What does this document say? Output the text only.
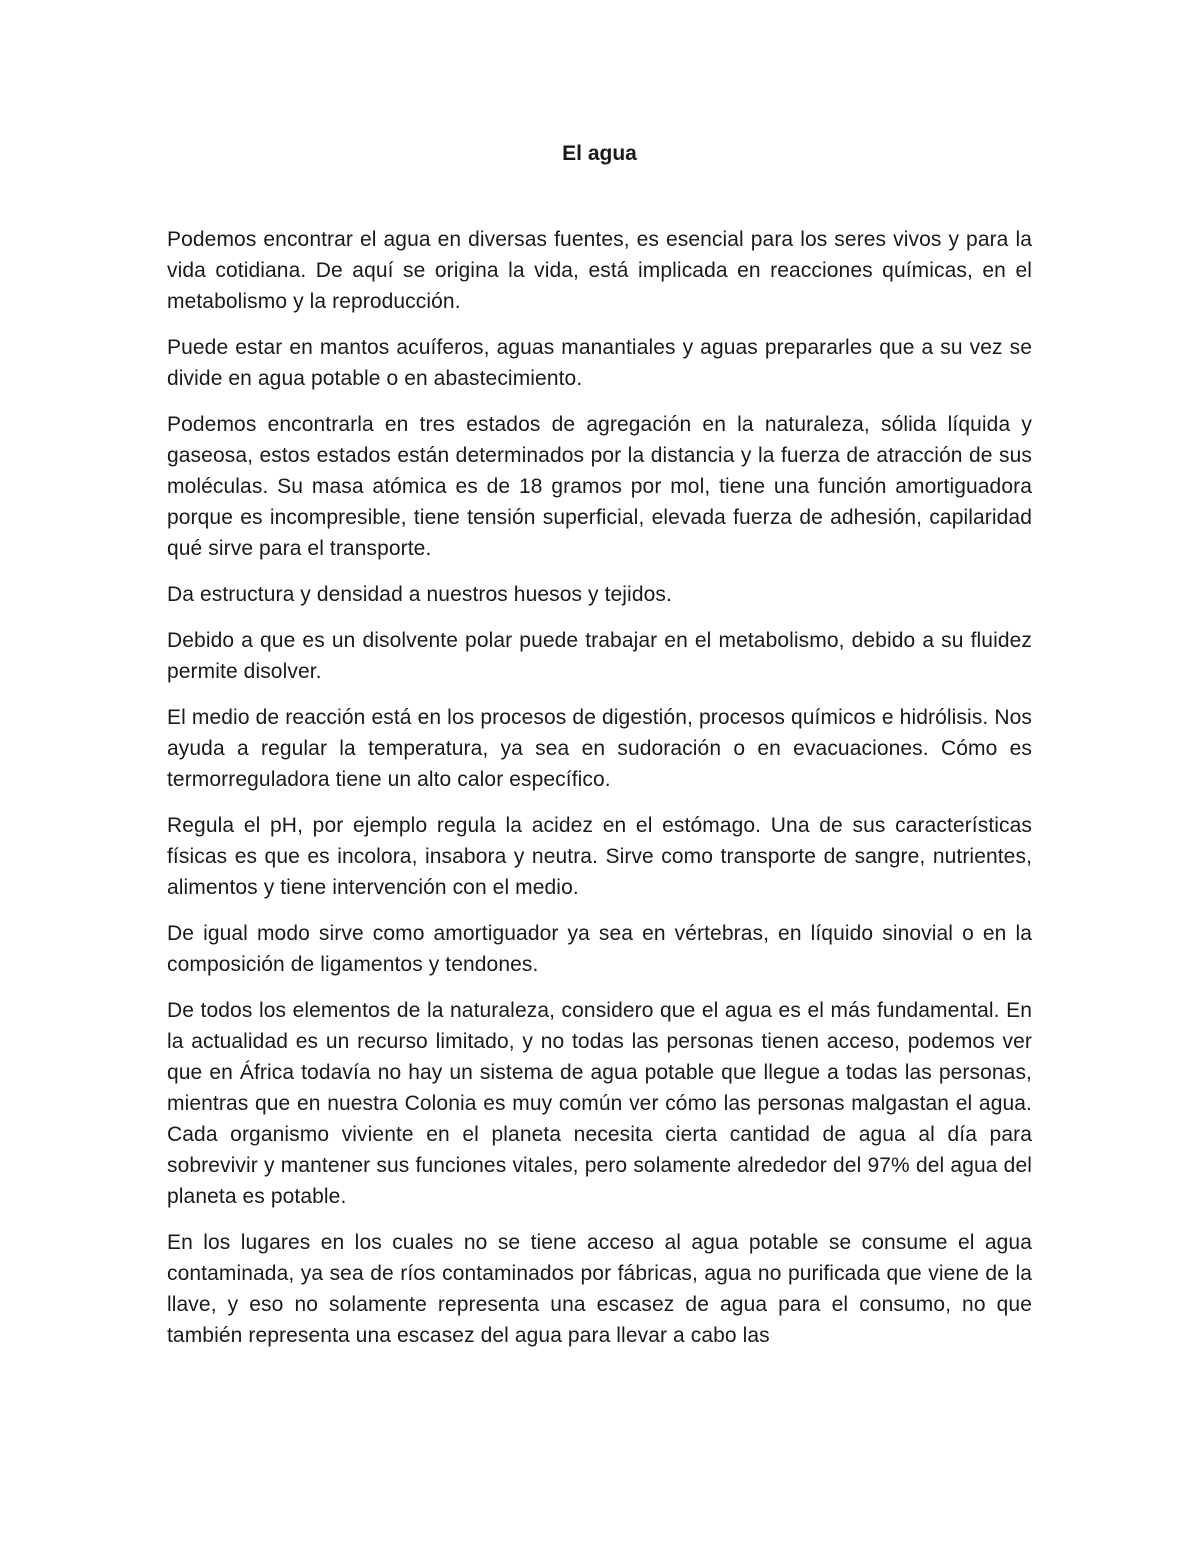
El agua

Podemos encontrar el agua en diversas fuentes, es esencial para los seres vivos y para la vida cotidiana. De aquí se origina la vida, está implicada en reacciones químicas, en el metabolismo y la reproducción.

Puede estar en mantos acuíferos, aguas manantiales y aguas prepararles que a su vez se divide en agua potable o en abastecimiento.

Podemos encontrarla en tres estados de agregación en la naturaleza, sólida líquida y gaseosa, estos estados están determinados por la distancia y la fuerza de atracción de sus moléculas. Su masa atómica es de 18 gramos por mol, tiene una función amortiguadora porque es incompresible, tiene tensión superficial, elevada fuerza de adhesión, capilaridad qué sirve para el transporte.

Da estructura y densidad a nuestros huesos y tejidos.

Debido a que es un disolvente polar puede trabajar en el metabolismo, debido a su fluidez permite disolver.

El medio de reacción está en los procesos de digestión, procesos químicos e hidrólisis. Nos ayuda a regular la temperatura, ya sea en sudoración o en evacuaciones. Cómo es termorreguladora tiene un alto calor específico.

Regula el pH, por ejemplo regula la acidez en el estómago. Una de sus características físicas es que es incolora, insabora y neutra. Sirve como transporte de sangre, nutrientes, alimentos y tiene intervención con el medio.

De igual modo sirve como amortiguador ya sea en vértebras, en líquido sinovial o en la composición de ligamentos y tendones.

De todos los elementos de la naturaleza, considero que el agua es el más fundamental. En la actualidad es un recurso limitado, y no todas las personas tienen acceso, podemos ver que en África todavía no hay un sistema de agua potable que llegue a todas las personas, mientras que en nuestra Colonia es muy común ver cómo las personas malgastan el agua. Cada organismo viviente en el planeta necesita cierta cantidad de agua al día para sobrevivir y mantener sus funciones vitales, pero solamente alrededor del 97% del agua del planeta es potable.

En los lugares en los cuales no se tiene acceso al agua potable se consume el agua contaminada, ya sea de ríos contaminados por fábricas, agua no purificada que viene de la llave, y eso no solamente representa una escasez de agua para el consumo, no que también representa una escasez del agua para llevar a cabo las
